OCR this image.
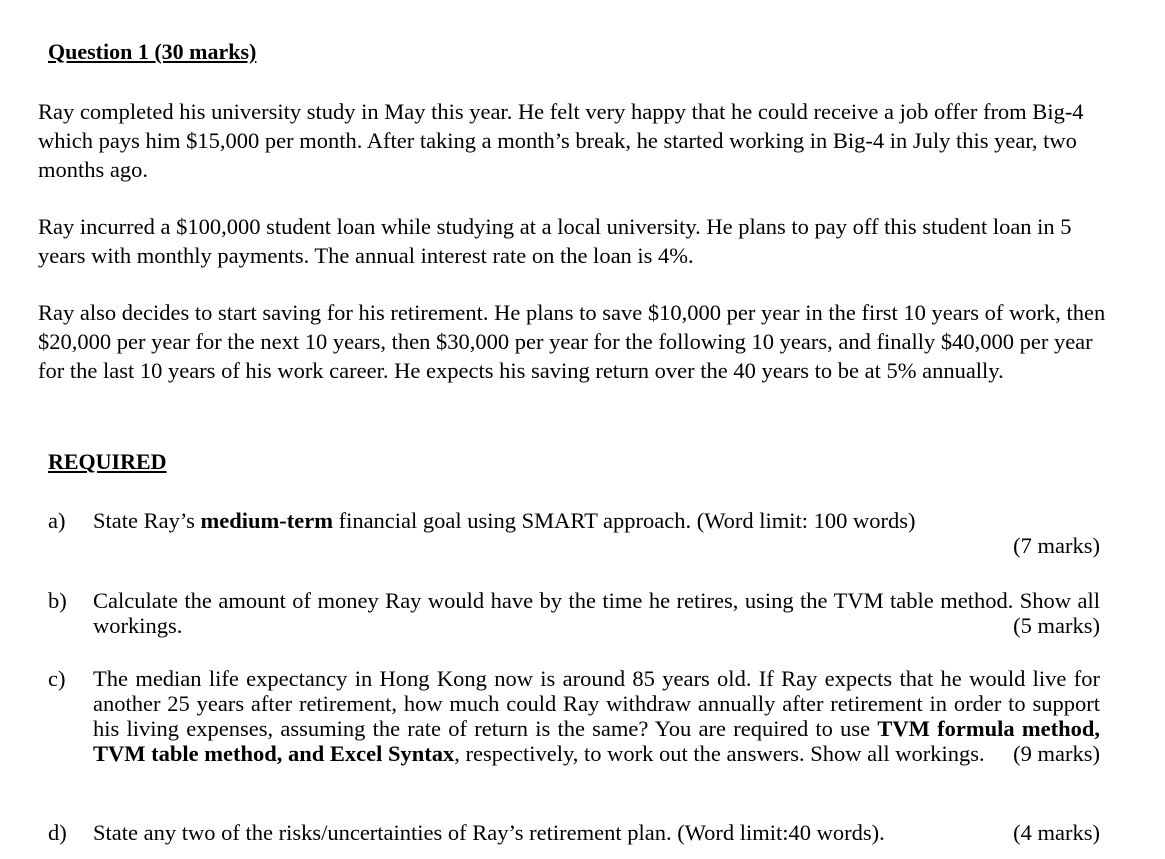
Question 1 (30 marks)
Ray completed his university study in May this year. He felt very happy that he could receive a job offer from Big-4 which pays him $15,000 per month. After taking a month’s break, he started working in Big-4 in July this year, two months ago.
Ray incurred a $100,000 student loan while studying at a local university. He plans to pay off this student loan in 5 years with monthly payments. The annual interest rate on the loan is 4%.
Ray also decides to start saving for his retirement. He plans to save $10,000 per year in the first 10 years of work, then $20,000 per year for the next 10 years, then $30,000 per year for the following 10 years, and finally $40,000 per year for the last 10 years of his work career. He expects his saving return over the 40 years to be at 5% annually.
REQUIRED
a) State Ray’s medium-term financial goal using SMART approach. (Word limit: 100 words)
(7 marks)
b) Calculate the amount of money Ray would have by the time he retires, using the TVM table method. Show all workings.	(5 marks)
c) The median life expectancy in Hong Kong now is around 85 years old. If Ray expects that he would live for another 25 years after retirement, how much could Ray withdraw annually after retirement in order to support his living expenses, assuming the rate of return is the same? You are required to use TVM formula method, TVM table method, and Excel Syntax, respectively, to work out the answers. Show all workings.	(9 marks)
d) State any two of the risks/uncertainties of Ray’s retirement plan. (Word limit:40 words).	(4 marks)
